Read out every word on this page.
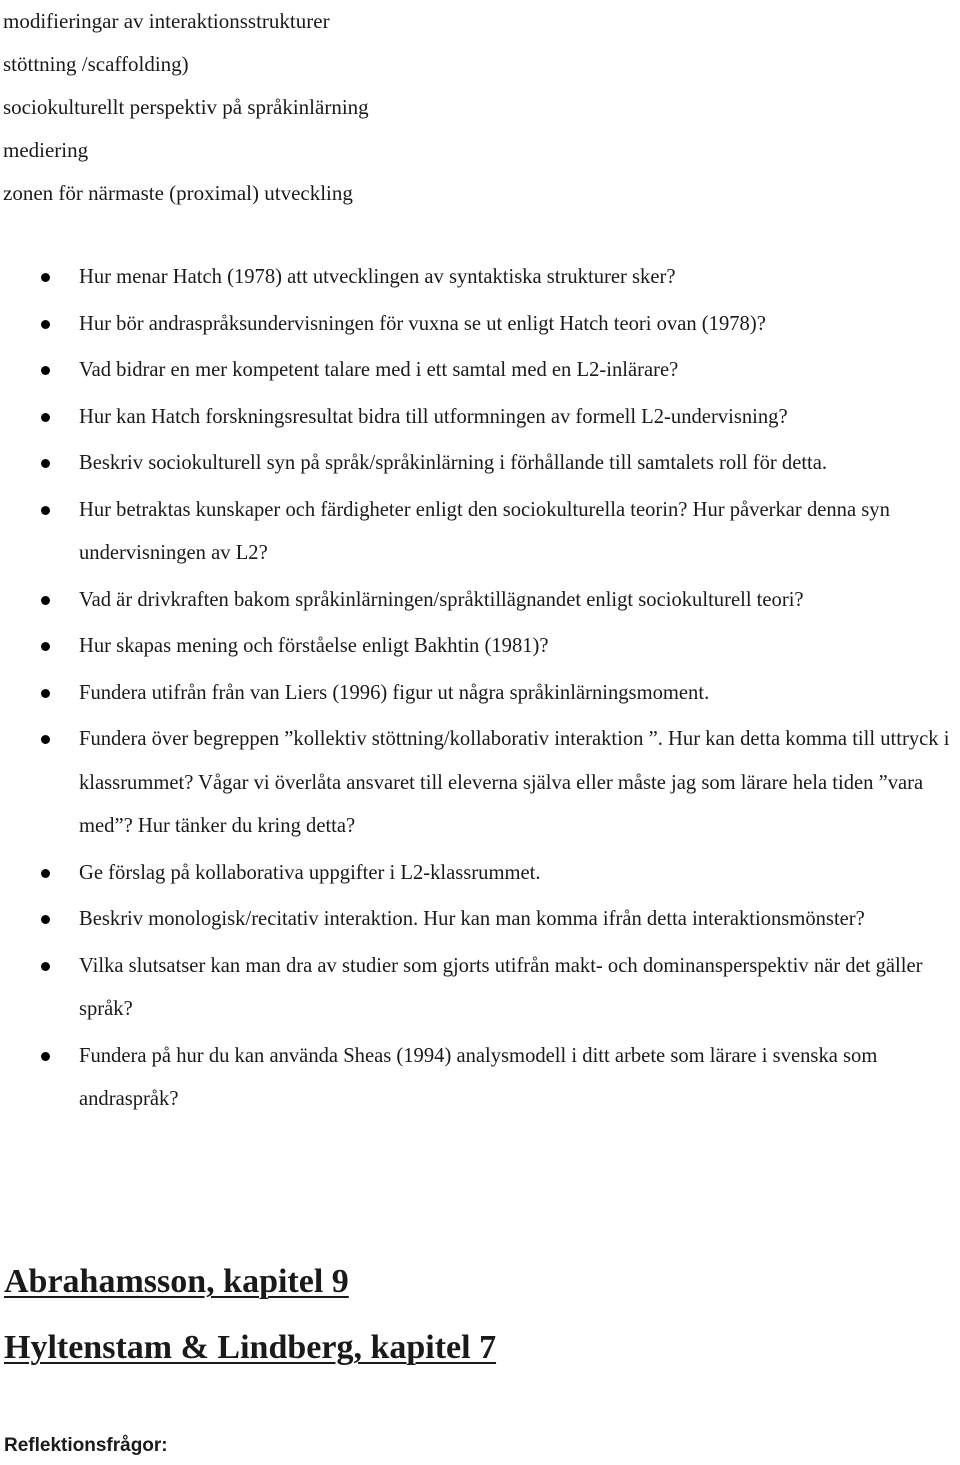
modifieringar av interaktionsstrukturer
stöttning /scaffolding)
sociokulturellt perspektiv på språkinlärning
mediering
zonen för närmaste (proximal) utveckling
Hur menar Hatch (1978) att utvecklingen av syntaktiska strukturer sker?
Hur bör andraspråksundervisningen för vuxna se ut enligt Hatch teori ovan (1978)?
Vad bidrar en mer kompetent talare med i ett samtal med en L2-inlärare?
Hur kan Hatch forskningsresultat bidra till utformningen av formell L2-undervisning?
Beskriv sociokulturell syn på språk/språkinlärning i förhållande till samtalets roll för detta.
Hur betraktas kunskaper och färdigheter enligt den sociokulturella teorin? Hur påverkar denna syn undervisningen av L2?
Vad är drivkraften bakom språkinlärningen/språktillägnandet enligt sociokulturell teori?
Hur skapas mening och förståelse enligt Bakhtin (1981)?
Fundera utifrån från van Liers (1996) figur ut några språkinlärningsmoment.
Fundera över begreppen ”kollektiv stöttning/kollaborativ interaktion ”. Hur kan detta komma till uttryck i klassrummet? Vågar vi överlåta ansvaret till eleverna själva eller måste jag som lärare hela tiden ”vara med”? Hur tänker du kring detta?
Ge förslag på kollaborativa uppgifter i L2-klassrummet.
Beskriv monologisk/recitativ interaktion. Hur kan man komma ifrån detta interaktionsmönster?
Vilka slutsatser kan man dra av studier som gjorts utifrån makt- och dominansperspektiv när det gäller språk?
Fundera på hur du kan använda Sheas (1994) analysmodell i ditt arbete som lärare i svenska som andraspråk?
Abrahamsson, kapitel 9
Hyltenstam & Lindberg, kapitel 7

Reflektionsfrågor:
